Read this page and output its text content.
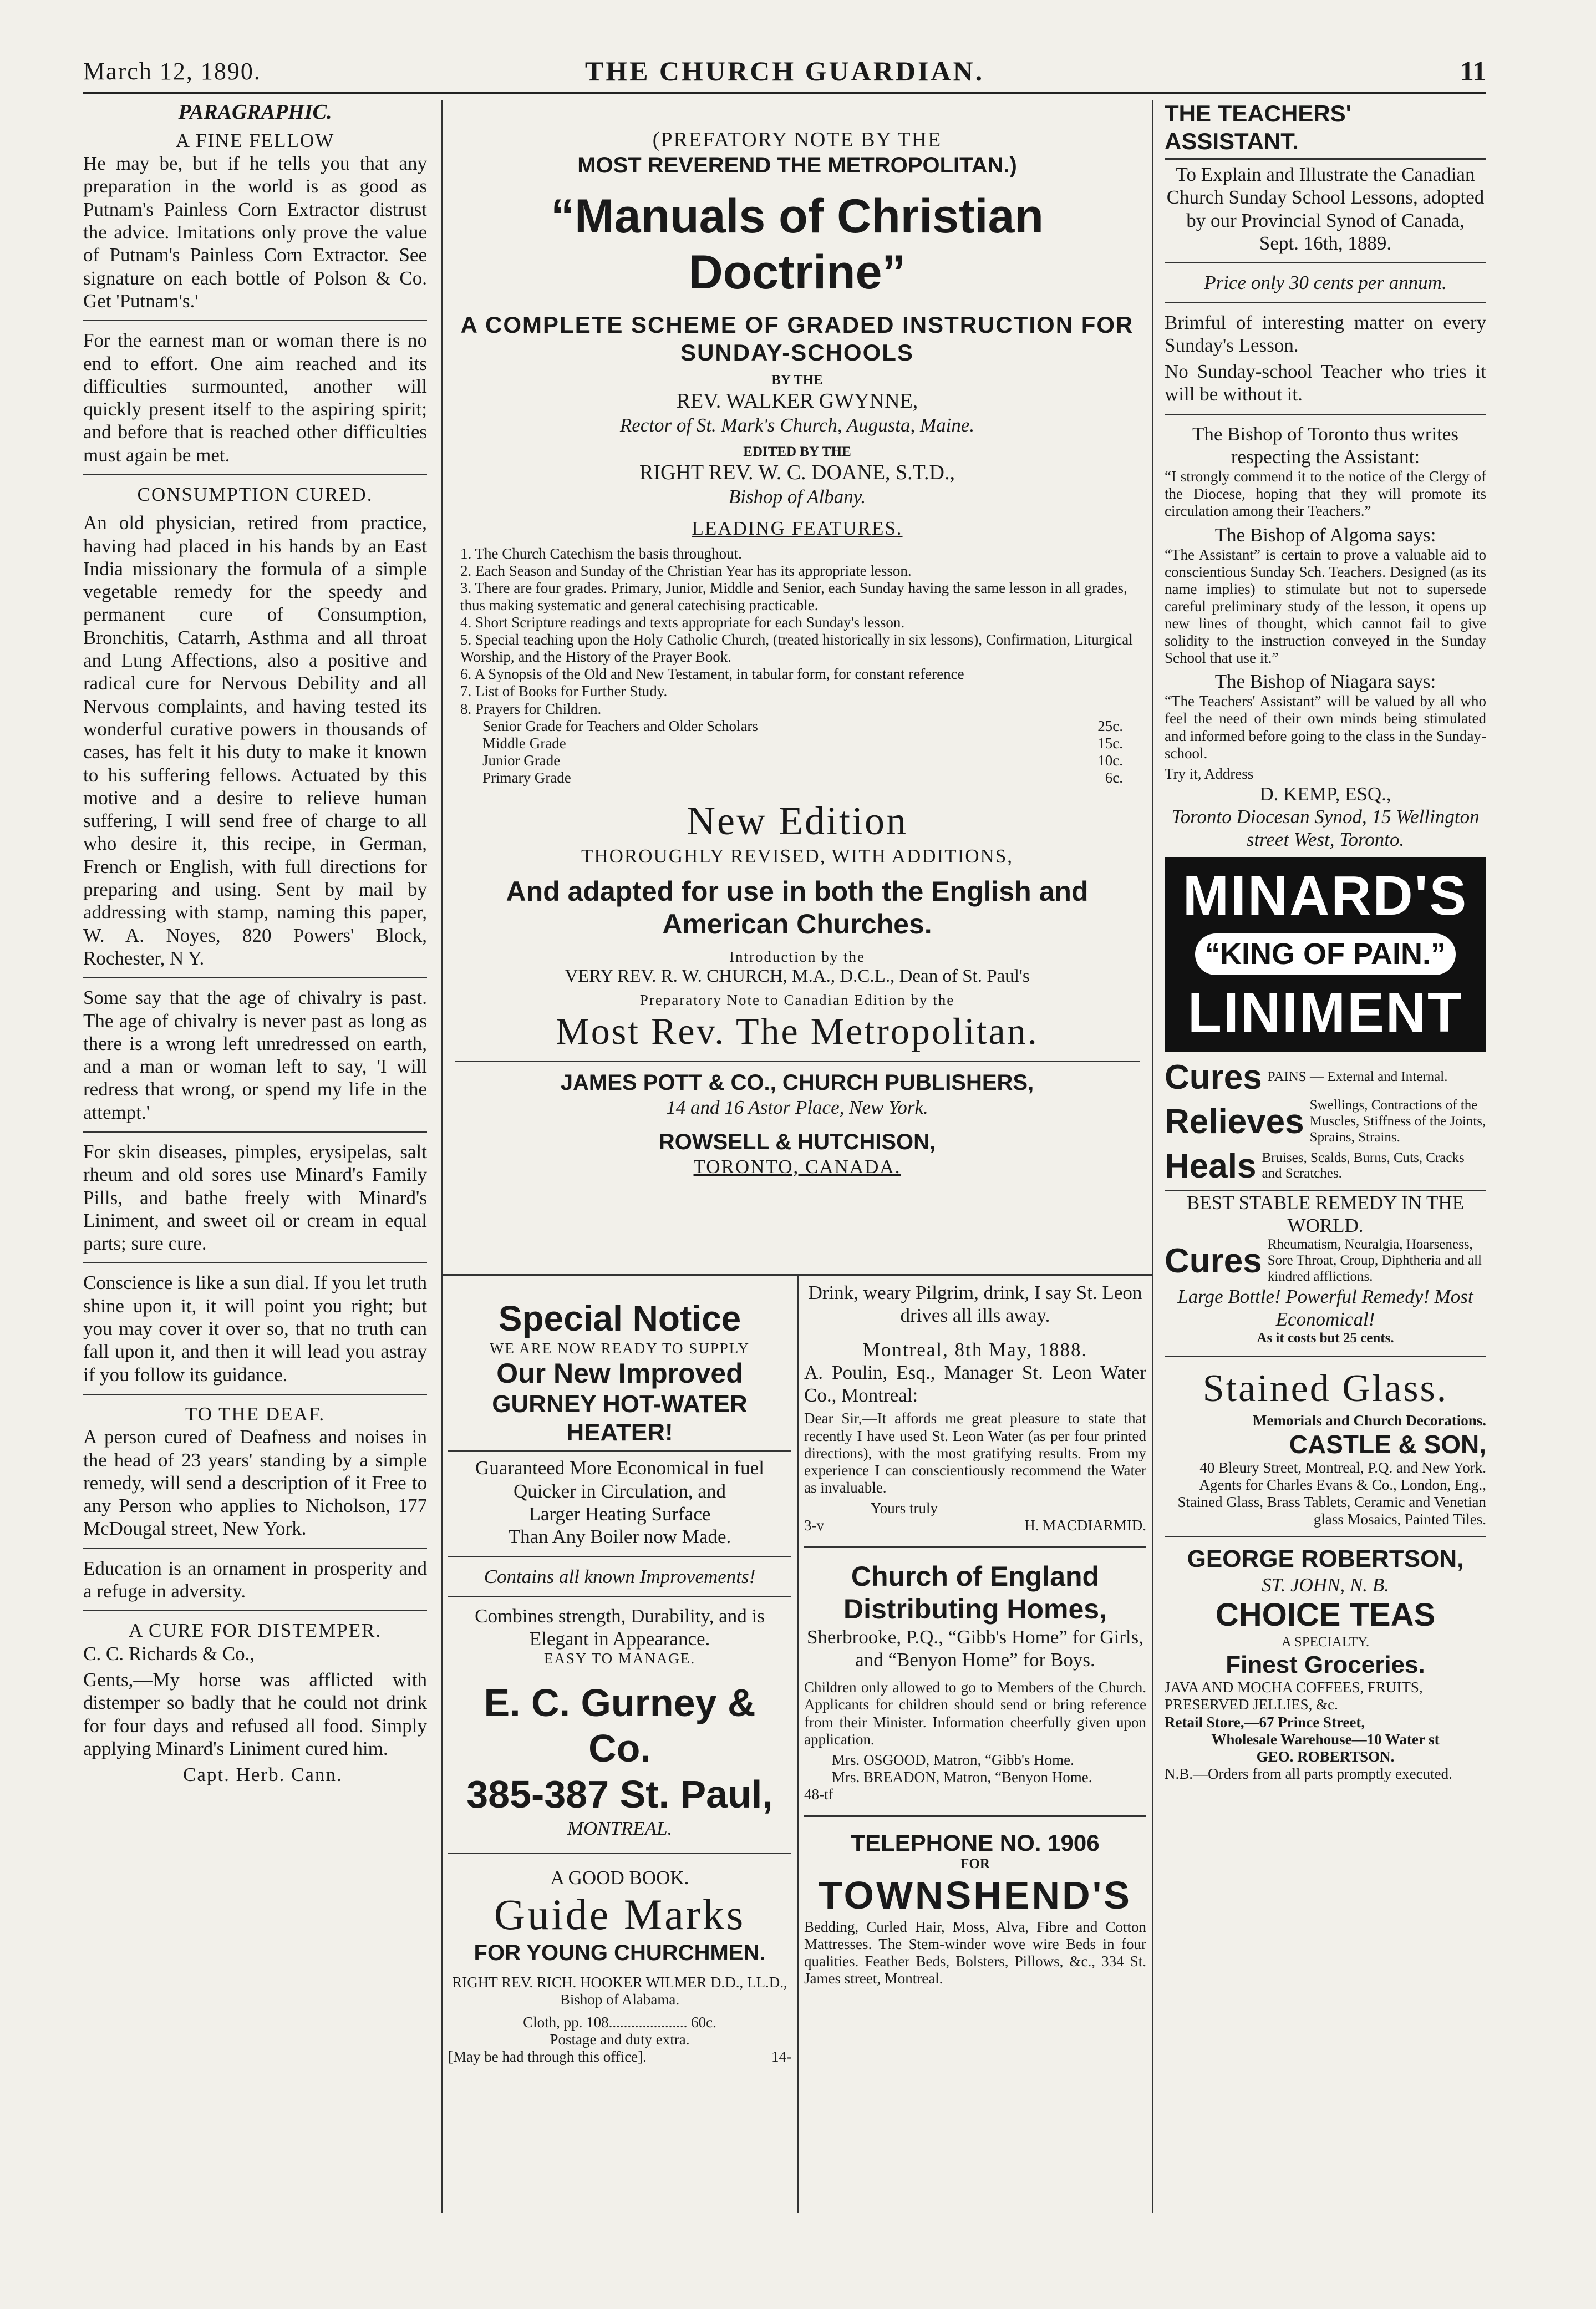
March 12, 1890.	THE CHURCH GUARDIAN.	11
PARAGRAPHIC.
A FINE FELLOW

He may be, but if he tells you that any preparation in the world is as good as Putnam's Painless Corn Extractor distrust the advice. Imitations only prove the value of Putnam's Painless Corn Extractor. See signature on each bottle of Polson & Co. Get 'Putnam's.'

For the earnest man or woman there is no end to effort. One aim reached and its difficulties surmounted, another will quickly present itself to the aspiring spirit; and before that is reached other difficulties must again be met.

CONSUMPTION CURED.

An old physician, retired from practice, having had placed in his hands by an East India missionary the formula of a simple vegetable remedy for the speedy and permanent cure of Consumption, Bronchitis, Catarrh, Asthma and all throat and Lung Affections, also a positive and radical cure for Nervous Debility and all Nervous complaints, and having tested its wonderful curative powers in thousands of cases, has felt it his duty to make it known to his suffering fellows. Actuated by this motive and a desire to relieve human suffering, I will send free of charge to all who desire it, this recipe, in German, French or English, with full directions for preparing and using. Sent by mail by addressing with stamp, naming this paper, W. A. Noyes, 820 Powers' Block, Rochester, N Y.

Some say that the age of chivalry is past. The age of chivalry is never past as long as there is a wrong left unredressed on earth, and a man or woman left to say, 'I will redress that wrong, or spend my life in the attempt.'

For skin diseases, pimples, erysipelas, salt rheum and old sores use Minard's Family Pills, and bathe freely with Minard's Liniment, and sweet oil or cream in equal parts; sure cure.

Conscience is like a sun dial. If you let truth shine upon it, it will point you right; but you may cover it over so, that no truth can fall upon it, and then it will lead you astray if you follow its guidance.

TO THE DEAF.

A person cured of Deafness and noises in the head of 23 years' standing by a simple remedy, will send a description of it Free to any Person who applies to Nicholson, 177 McDougal street, New York.

Education is an ornament in prosperity and a refuge in adversity.

A CURE FOR DISTEMPER.

C. C. Richards & Co.,

Gents,—My horse was afflicted with distemper so badly that he could not drink for four days and refused all food. Simply applying Minard's Liniment cured him.

Capt. Herb. Cann.
(PREFATORY NOTE BY THE
MOST REVEREND THE METROPOLITAN.)
“Manuals of Christian Doctrine”
A COMPLETE SCHEME OF GRADED INSTRUCTION FOR SUNDAY-SCHOOLS
BY THE
REV. WALKER GWYNNE,
Rector of St. Mark's Church, Augusta, Maine.
EDITED BY THE
RIGHT REV. W. C. DOANE, S.T.D.,
Bishop of Albany.
LEADING FEATURES.
1. The Church Catechism the basis throughout.
2. Each Season and Sunday of the Christian Year has its appropriate lesson.
3. There are four grades. Primary, Junior, Middle and Senior, each Sunday having the same lesson in all grades, thus making systematic and general catechising practicable.
4. Short Scripture readings and texts appropriate for each Sunday's lesson.
5. Special teaching upon the Holy Catholic Church, (treated historically in six lessons), Confirmation, Liturgical Worship, and the History of the Prayer Book.
6. A Synopsis of the Old and New Testament, in tabular form, for constant reference
7. List of Books for Further Study.
8. Prayers for Children.
Senior Grade for Teachers and Older Scholars	25c.
Middle Grade	15c.
Junior Grade	10c.
Primary Grade	6c.
New Edition
THOROUGHLY REVISED, WITH ADDITIONS,
And adapted for use in both the English and American Churches.
Introduction by the
VERY REV. R. W. CHURCH, M.A., D.C.L., Dean of St. Paul's
Preparatory Note to Canadian Edition by the
Most Rev. The Metropolitan.
JAMES POTT & CO., CHURCH PUBLISHERS,
14 and 16 Astor Place, New York.
ROWSELL & HUTCHISON,
TORONTO, CANADA.
Special Notice
WE ARE NOW READY TO SUPPLY
Our New Improved
GURNEY HOT-WATER HEATER!
Guaranteed More Economical in fuel
Quicker in Circulation, and
Larger Heating Surface
Than Any Boiler now Made.
Contains all known Improvements!
Combines strength, Durability, and is Elegant in Appearance.
EASY TO MANAGE.
E. C. Gurney & Co.
385-387 St. Paul,
MONTREAL.
A GOOD BOOK.
Guide Marks
FOR YOUNG CHURCHMEN.
RIGHT REV. RICH. HOOKER WILMER D.D., LL.D., Bishop of Alabama.
Cloth, pp. 108..................... 60c.
Postage and duty extra.
[May be had through this office].	14-
Drink, weary Pilgrim, drink, I say St. Leon drives all ills away.
Montreal, 8th May, 1888.

A. Poulin, Esq., Manager St. Leon Water Co., Montreal:

Dear Sir,—It affords me great pleasure to state that recently I have used St. Leon Water (as per four printed directions), with the most gratifying results. From my experience I can conscientiously recommend the Water as invaluable.

Yours truly
3-v	H. MACDIARMID.
Church of England Distributing Homes,
Sherbrooke, P.Q., “Gibb's Home” for Girls, and “Benyon Home” for Boys.

Children only allowed to go to Members of the Church. Applicants for children should send or bring reference from their Minister. Information cheerfully given upon application.

Mrs. OSGOOD, Matron, “Gibb's Home.
Mrs. BREADON, Matron, “Benyon Home.
48-tf
TELEPHONE NO. 1906
FOR
TOWNSHEND'S

Bedding, Curled Hair, Moss, Alva, Fibre and Cotton Mattresses. The Stem-winder wove wire Beds in four qualities. Feather Beds, Bolsters, Pillows, &c., 334 St. James street, Montreal.

THE TEACHERS' ASSISTANT.
To Explain and Illustrate the Canadian Church Sunday School Lessons, adopted by our Provincial Synod of Canada, Sept. 16th, 1889.
Price only 30 cents per annum.

Brimful of interesting matter on every Sunday's Lesson.

No Sunday-school Teacher who tries it will be without it.

The Bishop of Toronto thus writes respecting the Assistant:

“I strongly commend it to the notice of the Clergy of the Diocese, hoping that they will promote its circulation among their Teachers.”

The Bishop of Algoma says:

“The Assistant” is certain to prove a valuable aid to conscientious Sunday Sch. Teachers. Designed (as its name implies) to stimulate but not to supersede careful preliminary study of the lesson, it opens up new lines of thought, which cannot fail to give solidity to the instruction conveyed in the Sunday School that use it.”

The Bishop of Niagara says:

“The Teachers' Assistant” will be valued by all who feel the need of their own minds being stimulated and informed before going to the class in the Sunday-school.

Try it, Address
D. KEMP, ESQ.,
Toronto Diocesan Synod, 15 Wellington street West, Toronto.
MINARD'S
“KING OF PAIN.”
LINIMENT
Cures PAINS — External and Internal.
Relieves Swellings, Contractions of the Muscles, Stiffness of the Joints, Sprains, Strains.
Heals Bruises, Scalds, Burns, Cuts, Cracks and Scratches.
BEST STABLE REMEDY IN THE WORLD.
Cures Rheumatism, Neuralgia, Hoarseness, Sore Throat, Croup, Diphtheria and all kindred afflictions.
Large Bottle! Powerful Remedy! Most Economical!
As it costs but 25 cents.
Stained Glass.
Memorials and Church Decorations.
CASTLE & SON,
40 Bleury Street, Montreal, P.Q. and New York.
Agents for Charles Evans & Co., London, Eng., Stained Glass, Brass Tablets, Ceramic and Venetian glass Mosaics, Painted Tiles.
GEORGE ROBERTSON,
ST. JOHN, N. B.
CHOICE TEAS
A SPECIALTY.
Finest Groceries.
JAVA AND MOCHA COFFEES, FRUITS, PRESERVED JELLIES, &c.
Retail Store,—67 Prince Street,
Wholesale Warehouse—10 Water st
GEO. ROBERTSON.
N.B.—Orders from all parts promptly executed.
